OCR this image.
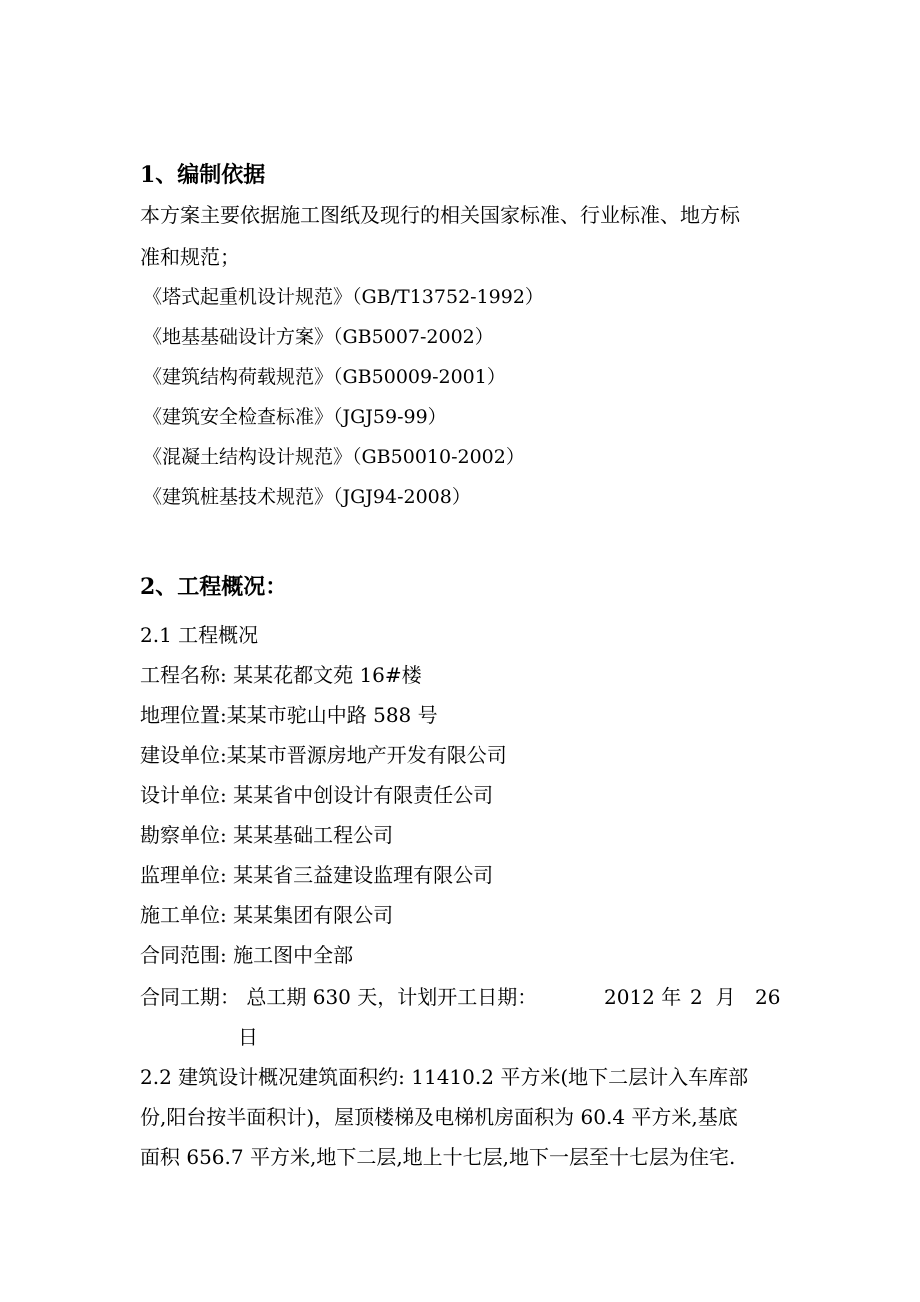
1、编制依据
本方案主要依据施工图纸及现行的相关国家标准、行业标准、地方标
准和规范；
《塔式起重机设计规范》（GB/T13752-1992）
《地基基础设计方案》（GB5007-2002）
《建筑结构荷载规范》（GB50009-2001）
《建筑安全检查标准》（JGJ59-99）
《混凝土结构设计规范》（GB50010-2002）
《建筑桩基技术规范》（JGJ94-2008）
2、工程概况：
2.1 工程概况
工程名称: 某某花都文苑 16#楼
地理位置:某某市驼山中路 588 号
建设单位:某某市晋源房地产开发有限公司
设计单位: 某某省中创设计有限责任公司
勘察单位: 某某基础工程公司
监理单位: 某某省三益建设监理有限公司
施工单位: 某某集团有限公司
合同范围: 施工图中全部
合同工期： 总工期 630 天，计划开工日期：	2012 年 2  月 26
日
2.2 建筑设计概况建筑面积约: 11410.2 平方米(地下二层计入车库部
份,阳台按半面积计)，屋顶楼梯及电梯机房面积为 60.4 平方米,基底
面积 656.7 平方米,地下二层,地上十七层,地下一层至十七层为住宅.
